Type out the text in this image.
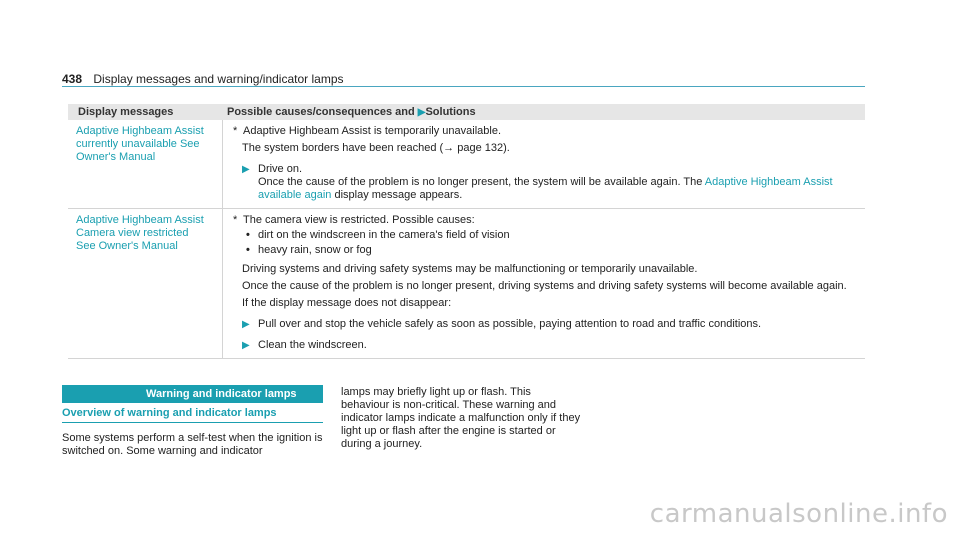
438 Display messages and warning/indicator lamps
Display messages	Possible causes/consequences and ▶Solutions
Adaptive Highbeam Assist
currently unavailable See
Owner's Manual
* Adaptive Highbeam Assist is temporarily unavailable.
The system borders have been reached (→ page 132).
▶ Drive on.
Once the cause of the problem is no longer present, the system will be available again. The Adaptive Highbeam Assist available again display message appears.
Adaptive Highbeam Assist
Camera view restricted
See Owner's Manual
* The camera view is restricted. Possible causes:
• dirt on the windscreen in the camera's field of vision
• heavy rain, snow or fog
Driving systems and driving safety systems may be malfunctioning or temporarily unavailable.
Once the cause of the problem is no longer present, driving systems and driving safety systems will become available again.
If the display message does not disappear:
▶ Pull over and stop the vehicle safely as soon as possible, paying attention to road and traffic conditions.
▶ Clean the windscreen.
Warning and indicator lamps
Overview of warning and indicator lamps
Some systems perform a self-test when the ignition is switched on. Some warning and indicator
lamps may briefly light up or flash. This behaviour is non-critical. These warning and indicator lamps indicate a malfunction only if they light up or flash after the engine is started or during a journey.
carmanualsonline.info
